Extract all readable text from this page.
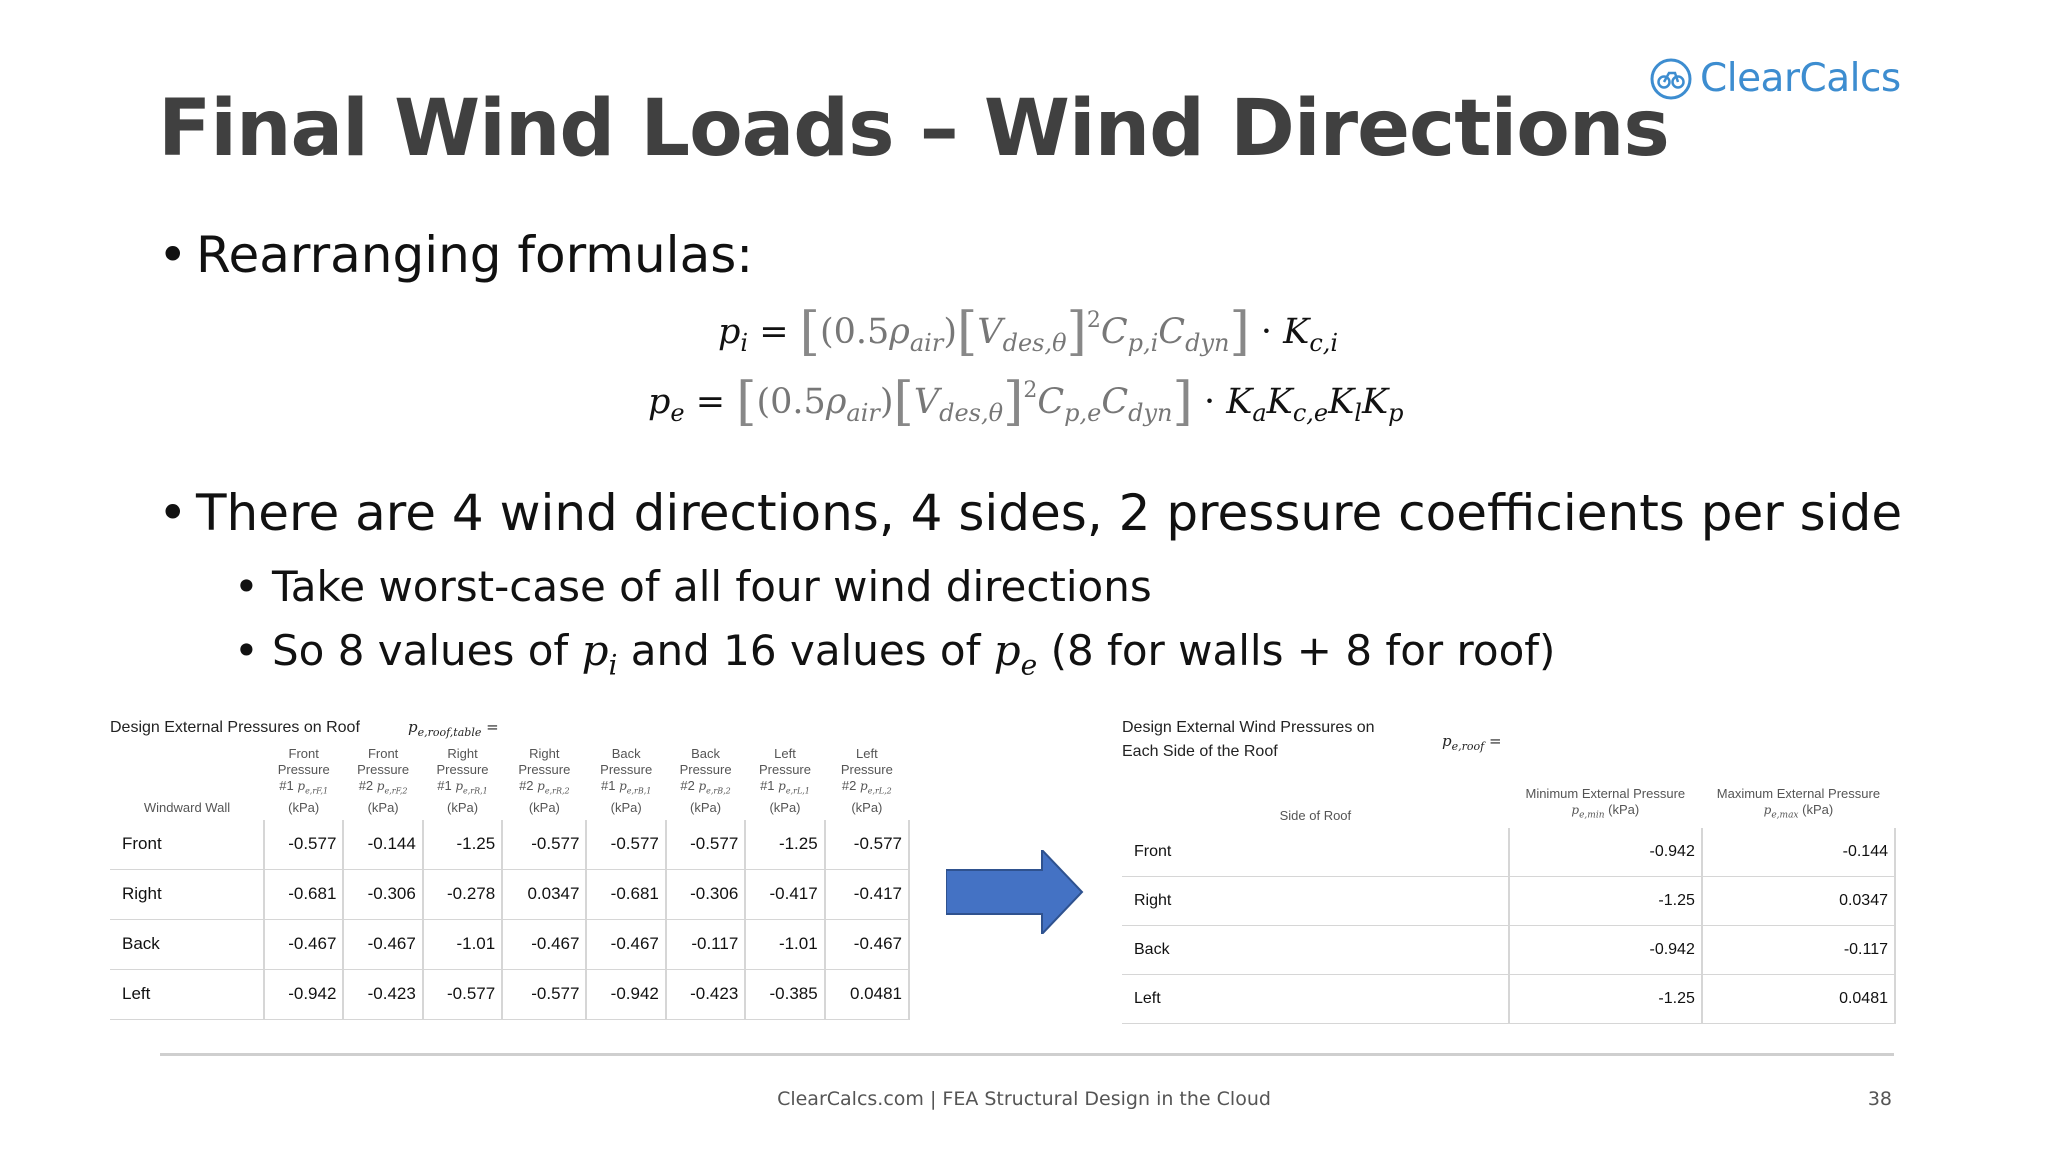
ClearCalcs
Final Wind Loads – Wind Directions
• Rearranging formulas:
$p_i = [(0.5\rho_{air})[V_{des,\theta}]^2C_{p,i}C_{dyn}] \cdot K_{c,i}$
$p_e = [(0.5\rho_{air})[V_{des,\theta}]^2C_{p,e}C_{dyn}] \cdot K_aK_{c,e}K_lK_p$
• There are 4 wind directions, 4 sides, 2 pressure coefficients per side
• Take worst-case of all four wind directions
• So 8 values of $p_i$ and 16 values of $p_e$ (8 for walls + 8 for roof)
Design External Pressures on Roof	$p_{e,roof,table}$ =
Windward Wall	Front
Pressure
#1 $p_{e,rF,1}$
(kPa)	Front
Pressure
#2 $p_{e,rF,2}$
(kPa)	Right
Pressure
#1 $p_{e,rR,1}$
(kPa)	Right
Pressure
#2 $p_{e,rR,2}$
(kPa)	Back
Pressure
#1 $p_{e,rB,1}$
(kPa)	Back
Pressure
#2 $p_{e,rB,2}$
(kPa)	Left
Pressure
#1 $p_{e,rL,1}$
(kPa)	Left
Pressure
#2 $p_{e,rL,2}$
(kPa)
Front	-0.577	-0.144	-1.25	-0.577	-0.577	-0.577	-1.25	-0.577
Right	-0.681	-0.306	-0.278	0.0347	-0.681	-0.306	-0.417	-0.417
Back	-0.467	-0.467	-1.01	-0.467	-0.467	-0.117	-1.01	-0.467
Left	-0.942	-0.423	-0.577	-0.577	-0.942	-0.423	-0.385	0.0481
Design External Wind Pressures on
Each Side of the Roof
$p_{e,roof}$ =
Side of Roof	Minimum External Pressure
$p_{e,min}$ (kPa)	Maximum External Pressure
$p_{e,max}$ (kPa)
Front	-0.942	-0.144
Right	-1.25	0.0347
Back	-0.942	-0.117
Left	-1.25	0.0481
ClearCalcs.com | FEA Structural Design in the Cloud	38
